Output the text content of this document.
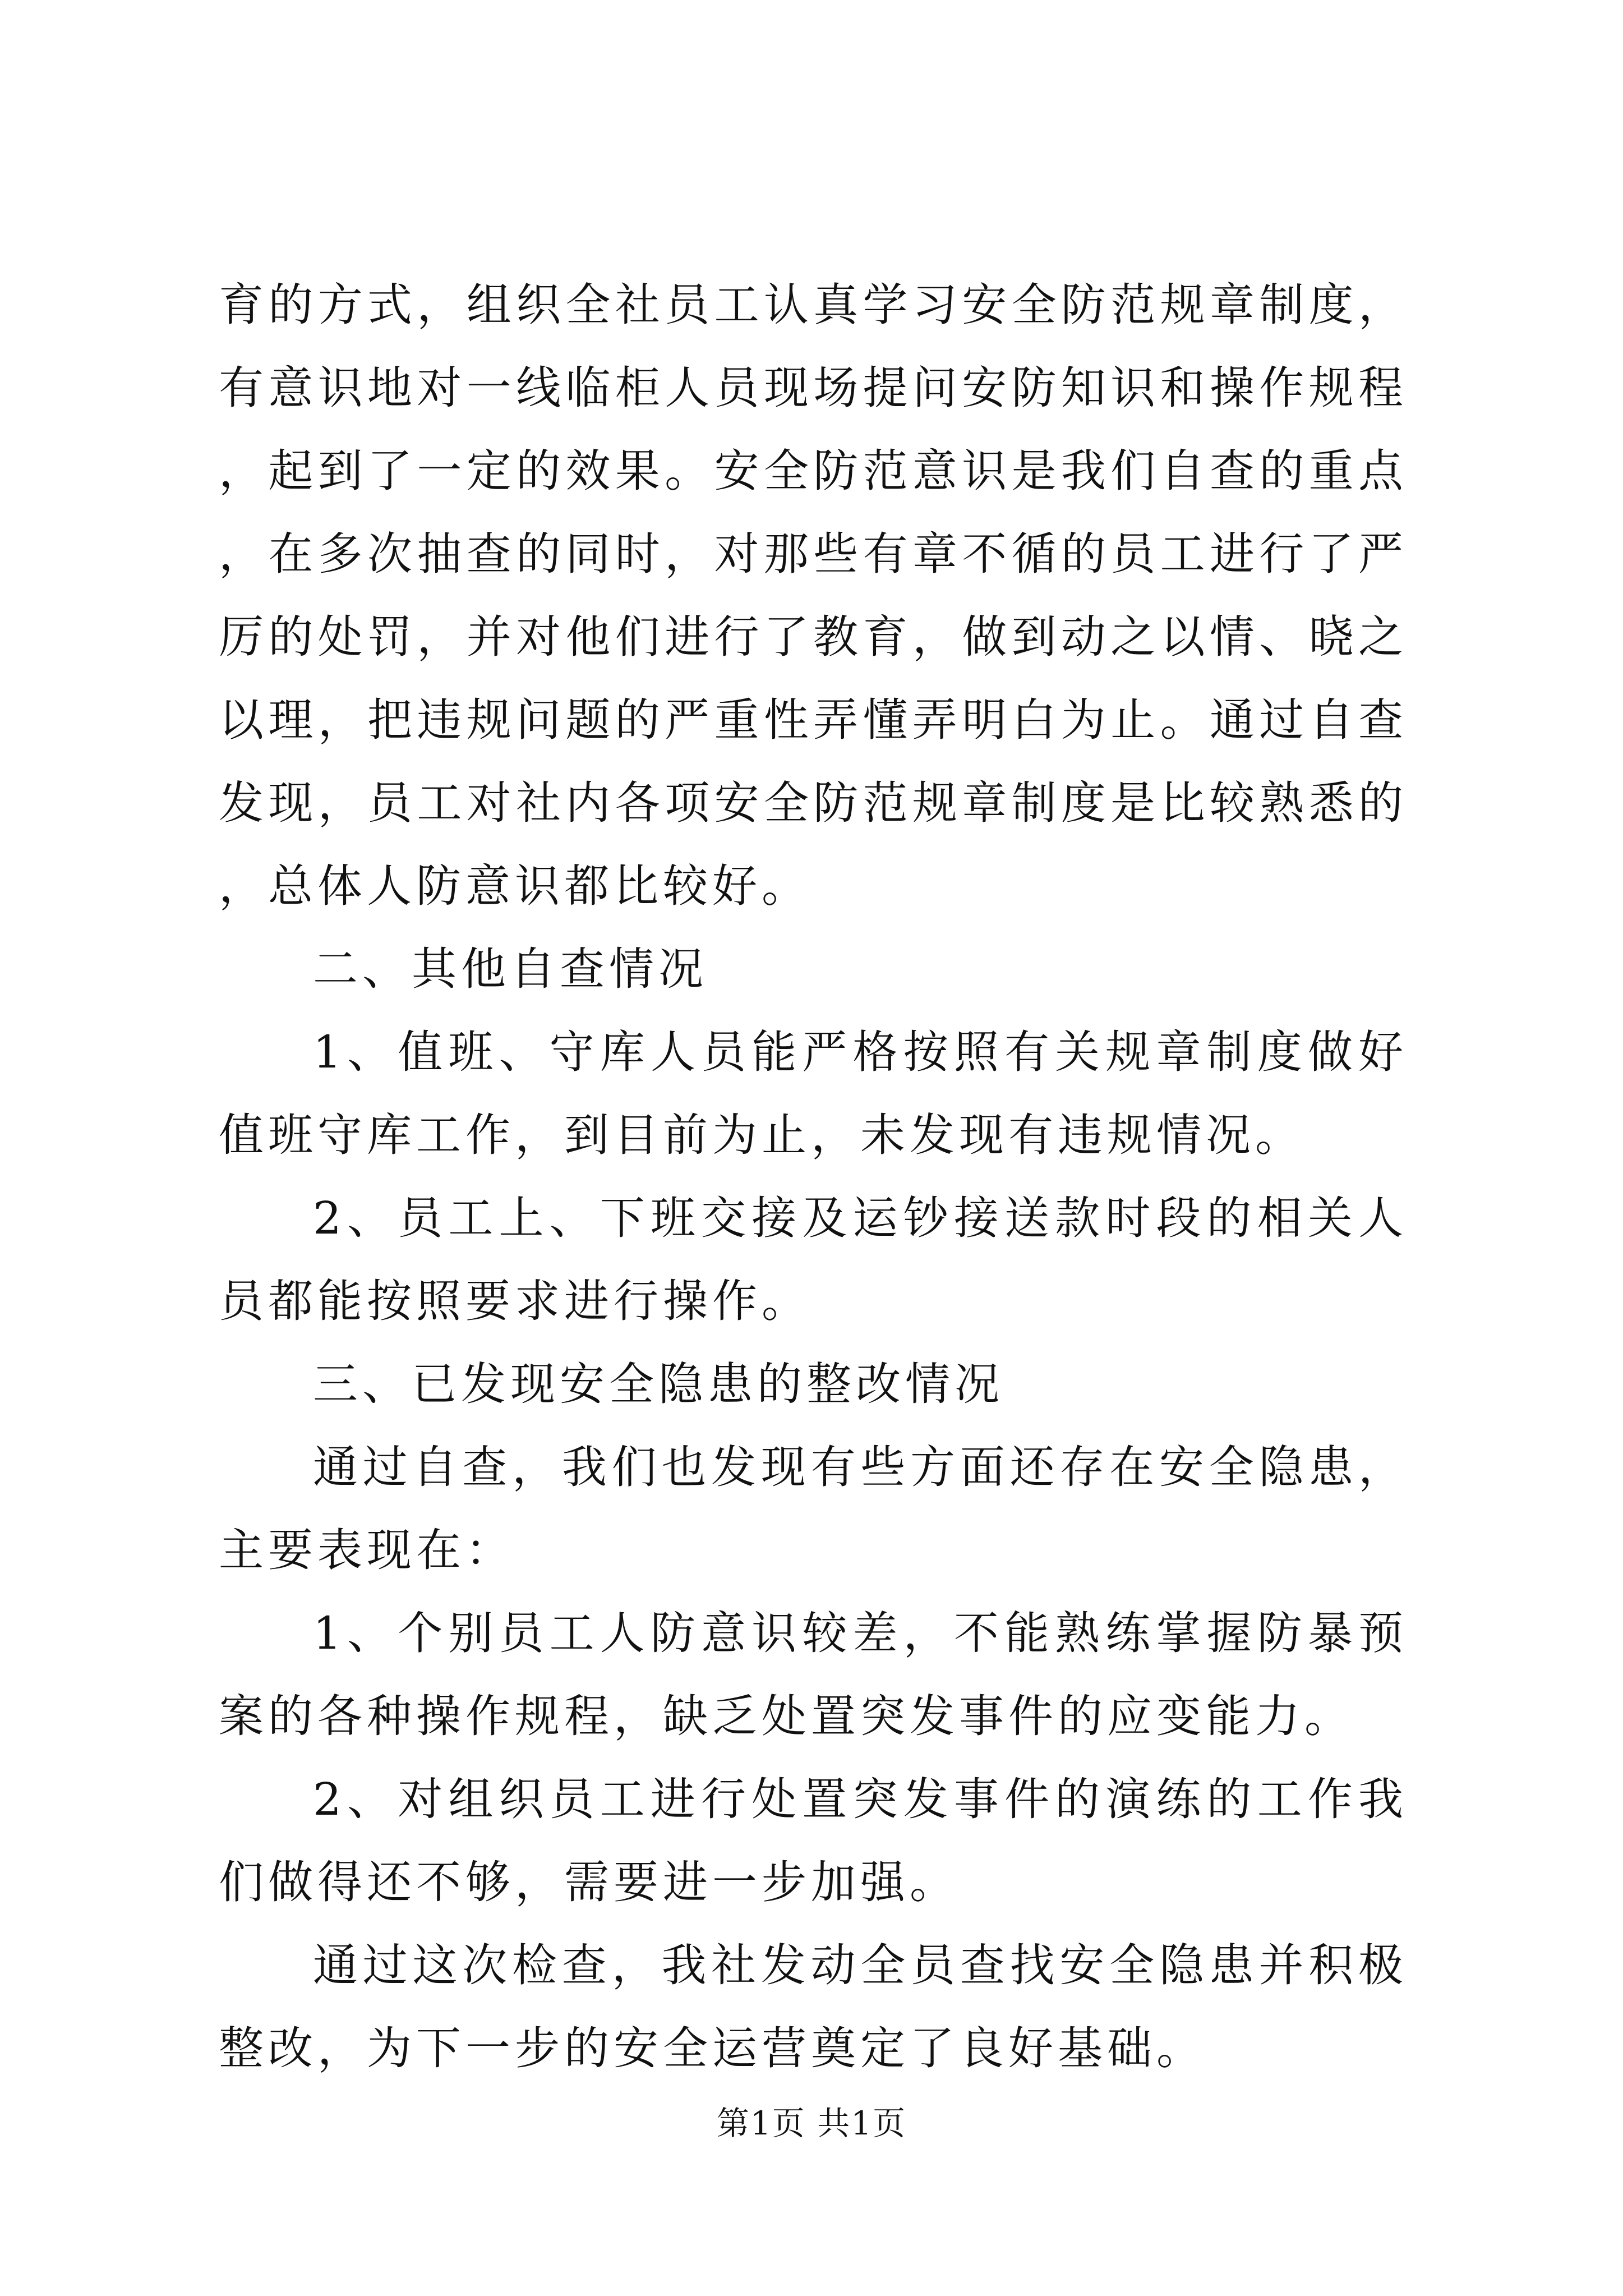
育的方式，组织全社员工认真学习安全防范规章制度，有意识地对一线临柜人员现场提问安防知识和操作规程，起到了一定的效果。安全防范意识是我们自查的重点，在多次抽查的同时，对那些有章不循的员工进行了严厉的处罚，并对他们进行了教育，做到动之以情、晓之以理，把违规问题的严重性弄懂弄明白为止。通过自查发现，员工对社内各项安全防范规章制度是比较熟悉的，总体人防意识都比较好。

二、其他自查情况

1、值班、守库人员能严格按照有关规章制度做好值班守库工作，到目前为止，未发现有违规情况。

2、员工上、下班交接及运钞接送款时段的相关人员都能按照要求进行操作。

三、已发现安全隐患的整改情况

通过自查，我们也发现有些方面还存在安全隐患，主要表现在：

1、个别员工人防意识较差，不能熟练掌握防暴预案的各种操作规程，缺乏处置突发事件的应变能力。

2、对组织员工进行处置突发事件的演练的工作我们做得还不够，需要进一步加强。

通过这次检查，我社发动全员查找安全隐患并积极整改，为下一步的安全运营奠定了良好基础。

第1页 共1页
